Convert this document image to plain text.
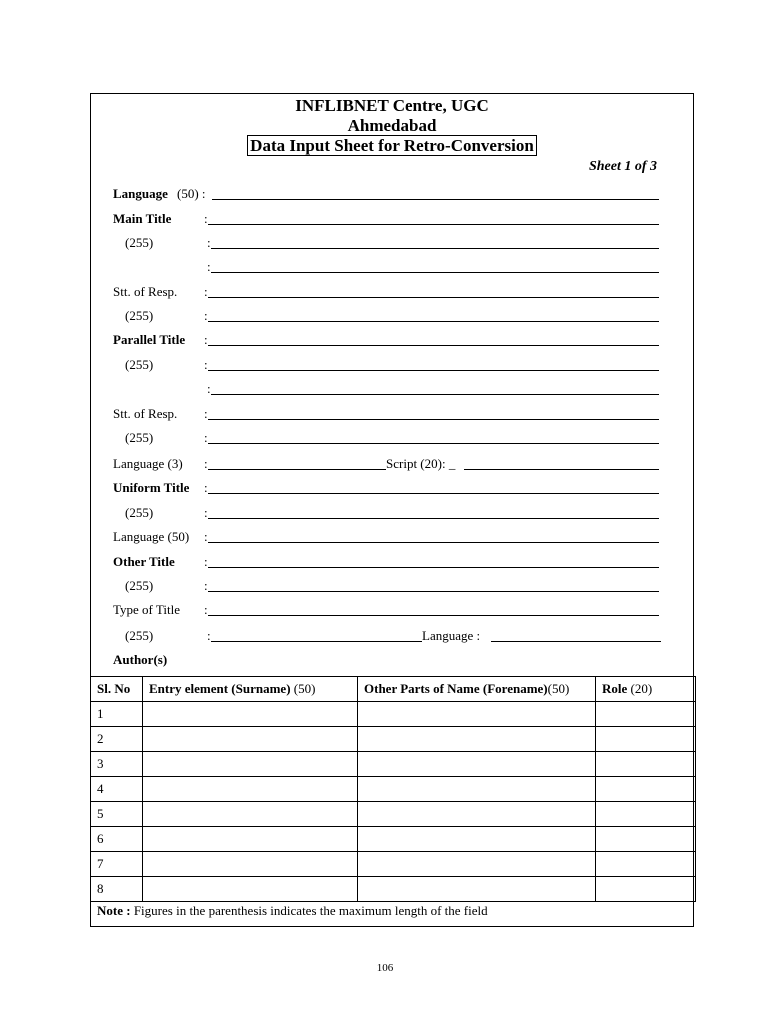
INFLIBNET Centre, UGC
Ahmedabad
Data Input Sheet for Retro-Conversion
Sheet 1 of 3
Language (50) :
Main Title	:
(255)	:
:
Stt. of Resp. :
(255)	:
Parallel Title :
(255)	:
:
Stt. of Resp. :
(255)	:
Language (3) :	Script (20): _
Uniform Title :
(255)	:
Language (50) :
Other Title :
(255)	:
Type of Title :
(255)	:	Language :
Author(s)
Sl. No	Entry element (Surname) (50)	Other Parts of Name (Forename)(50)	Role (20)
1			
2			
3			
4			
5			
6			
7			
8			
Note : Figures in the parenthesis indicates the maximum length of the field
106
